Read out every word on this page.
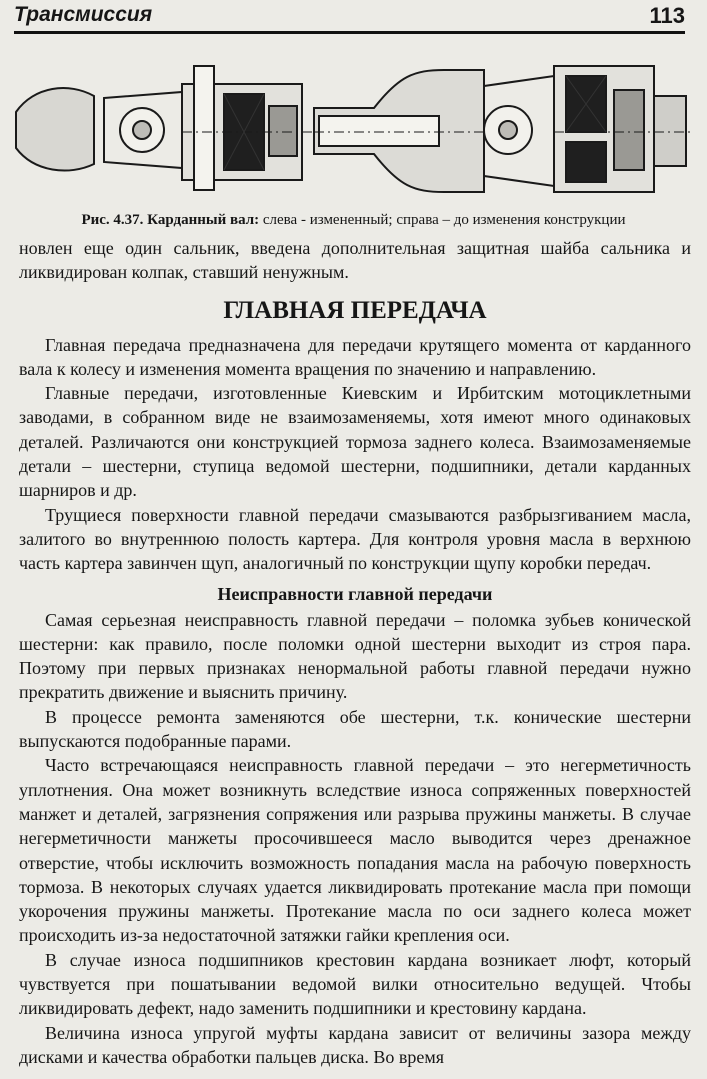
Трансмиссия	113
Рис. 4.37. Карданный вал: слева - измененный; справа – до изменения конструкции

новлен еще один сальник, введена дополнительная защитная шайба сальника и ликвидирован колпак, ставший ненужным.

ГЛАВНАЯ ПЕРЕДАЧА

Главная передача предназначена для передачи крутящего момента от карданного вала к колесу и изменения момента вращения по значению и направлению.

Главные передачи, изготовленные Киевским и Ирбитским мотоциклетными заводами, в собранном виде не взаимозаменяемы, хотя имеют много одинаковых деталей. Различаются они конструкцией тормоза заднего колеса. Взаимозаменяемые детали – шестерни, ступица ведомой шестерни, подшипники, детали карданных шарниров и др.

Трущиеся поверхности главной передачи смазываются разбрызгиванием масла, залитого во внутреннюю полость картера. Для контроля уровня масла в верхнюю часть картера завинчен щуп, аналогичный по конструкции щупу коробки передач.

Неисправности главной передачи

Самая серьезная неисправность главной передачи – поломка зубьев конической шестерни: как правило, после поломки одной шестерни выходит из строя пара. Поэтому при первых признаках ненормальной работы главной передачи нужно прекратить движение и выяснить причину.

В процессе ремонта заменяются обе шестерни, т.к. конические шестерни выпускаются подобранные парами.

Часто встречающаяся неисправность главной передачи – это негерметичность уплотнения. Она может возникнуть вследствие износа сопряженных поверхностей манжет и деталей, загрязнения сопряжения или разрыва пружины манжеты. В случае негерметичности манжеты просочившееся масло выводится через дренажное отверстие, чтобы исключить возможность попадания масла на рабочую поверхность тормоза. В некоторых случаях удается ликвидировать протекание масла при помощи укорочения пружины манжеты. Протекание масла по оси заднего колеса может происходить из-за недостаточной затяжки гайки крепления оси.

В случае износа подшипников крестовин кардана возникает люфт, который чувствуется при пошатывании ведомой вилки относительно ведущей. Чтобы ликвидировать дефект, надо заменить подшипники и крестовину кардана.

Величина износа упругой муфты кардана зависит от величины зазора между дисками и качества обработки пальцев диска. Во время
